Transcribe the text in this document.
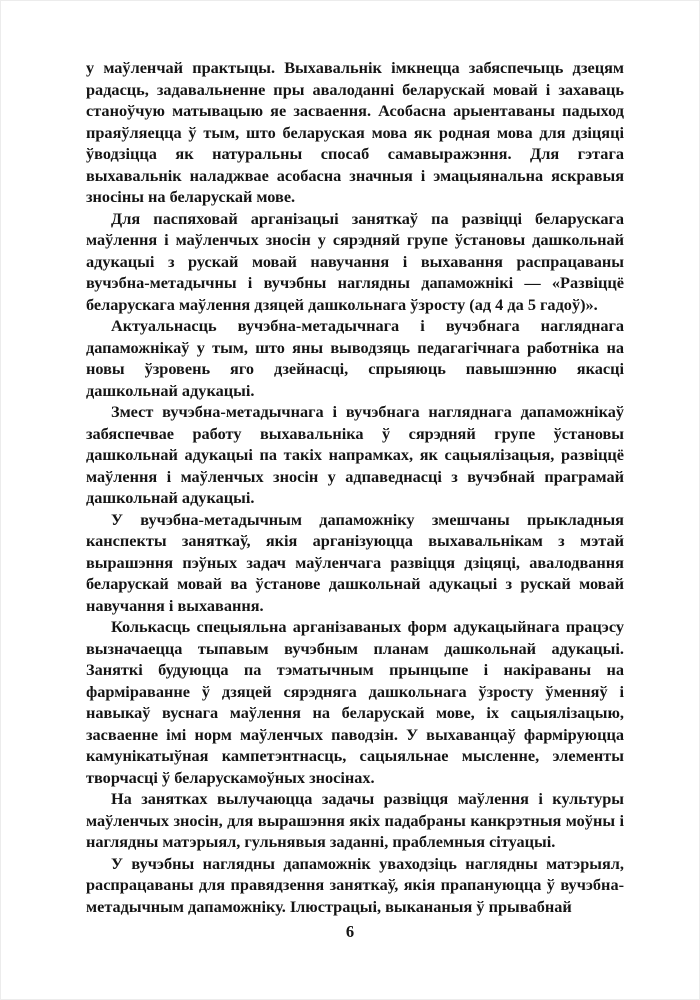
у маўленчай практыцы. Выхавальнік імкнецца забяспечыць дзецям радасць, задавальненне пры авалоданні беларускай мовай і захаваць станоўчую матывацыю яе засваення. Асобасна арыентаваны падыход праяўляецца ў тым, што беларуская мова як родная мова для дзіцяці ўводзіцца як натуральны спосаб самавыражэння. Для гэтага выхавальнік наладжвае асобасна значныя і эмацыянальна яскравыя зносіны на беларускай мове.

Для паспяховай арганізацыі заняткаў па развіцці беларускага маўлення і маўленчых зносін у сярэдняй групе ўстановы дашкольнай адукацыі з рускай мовай навучання і выхавання распрацаваны вучэбна-метадычны і вучэбны наглядны дапаможнікі — «Развіццё беларускага маўлення дзяцей дашкольнага ўзросту (ад 4 да 5 гадоў)».

Актуальнасць вучэбна-метадычнага і вучэбнага нагляднага дапаможнікаў у тым, што яны выводзяць педагагічнага работніка на новы ўзровень яго дзейнасці, спрыяюць павышэнню якасці дашкольнай адукацыі.

Змест вучэбна-метадычнага і вучэбнага нагляднага дапаможнікаў забяспечвае работу выхавальніка ў сярэдняй групе ўстановы дашкольнай адукацыі па такіх напрамках, як сацыялізацыя, развіццё маўлення і маўленчых зносін у адпаведнасці з вучэбнай праграмай дашкольнай адукацыі.

У вучэбна-метадычным дапаможніку змешчаны прыкладныя канспекты заняткаў, якія арганізуюцца выхавальнікам з мэтай вырашэння пэўных задач маўленчага развіцця дзіцяці, авалодвання беларускай мовай ва ўстанове дашкольнай адукацыі з рускай мовай навучання і выхавання.

Колькасць спецыяльна арганізаваных форм адукацыйнага працэсу вызначаецца тыпавым вучэбным планам дашкольнай адукацыі. Заняткі будуюцца па тэматычным прынцыпе і накіраваны на фарміраванне ў дзяцей сярэдняга дашкольнага ўзросту ўменняў і навыкаў вуснага маўлення на беларускай мове, іх сацыялізацыю, засваенне імі норм маўленчых паводзін. У выхаванцаў фарміруюцца камунікатыўная кампетэнтнасць, сацыяльнае мысленне, элементы творчасці ў беларускамоўных зносінах.

На занятках вылучаюцца задачы развіцця маўлення і культуры маўленчых зносін, для вырашэння якіх падабраны канкрэтныя моўны і наглядны матэрыял, гульнявыя заданні, праблемныя сітуацыі.

У вучэбны наглядны дапаможнік уваходзіць наглядны матэрыял, распрацаваны для правядзення заняткаў, якія прапануюцца ў вучэбна-метадычным дапаможніку. Ілюстрацыі, выкананыя ў прывабнай

6
